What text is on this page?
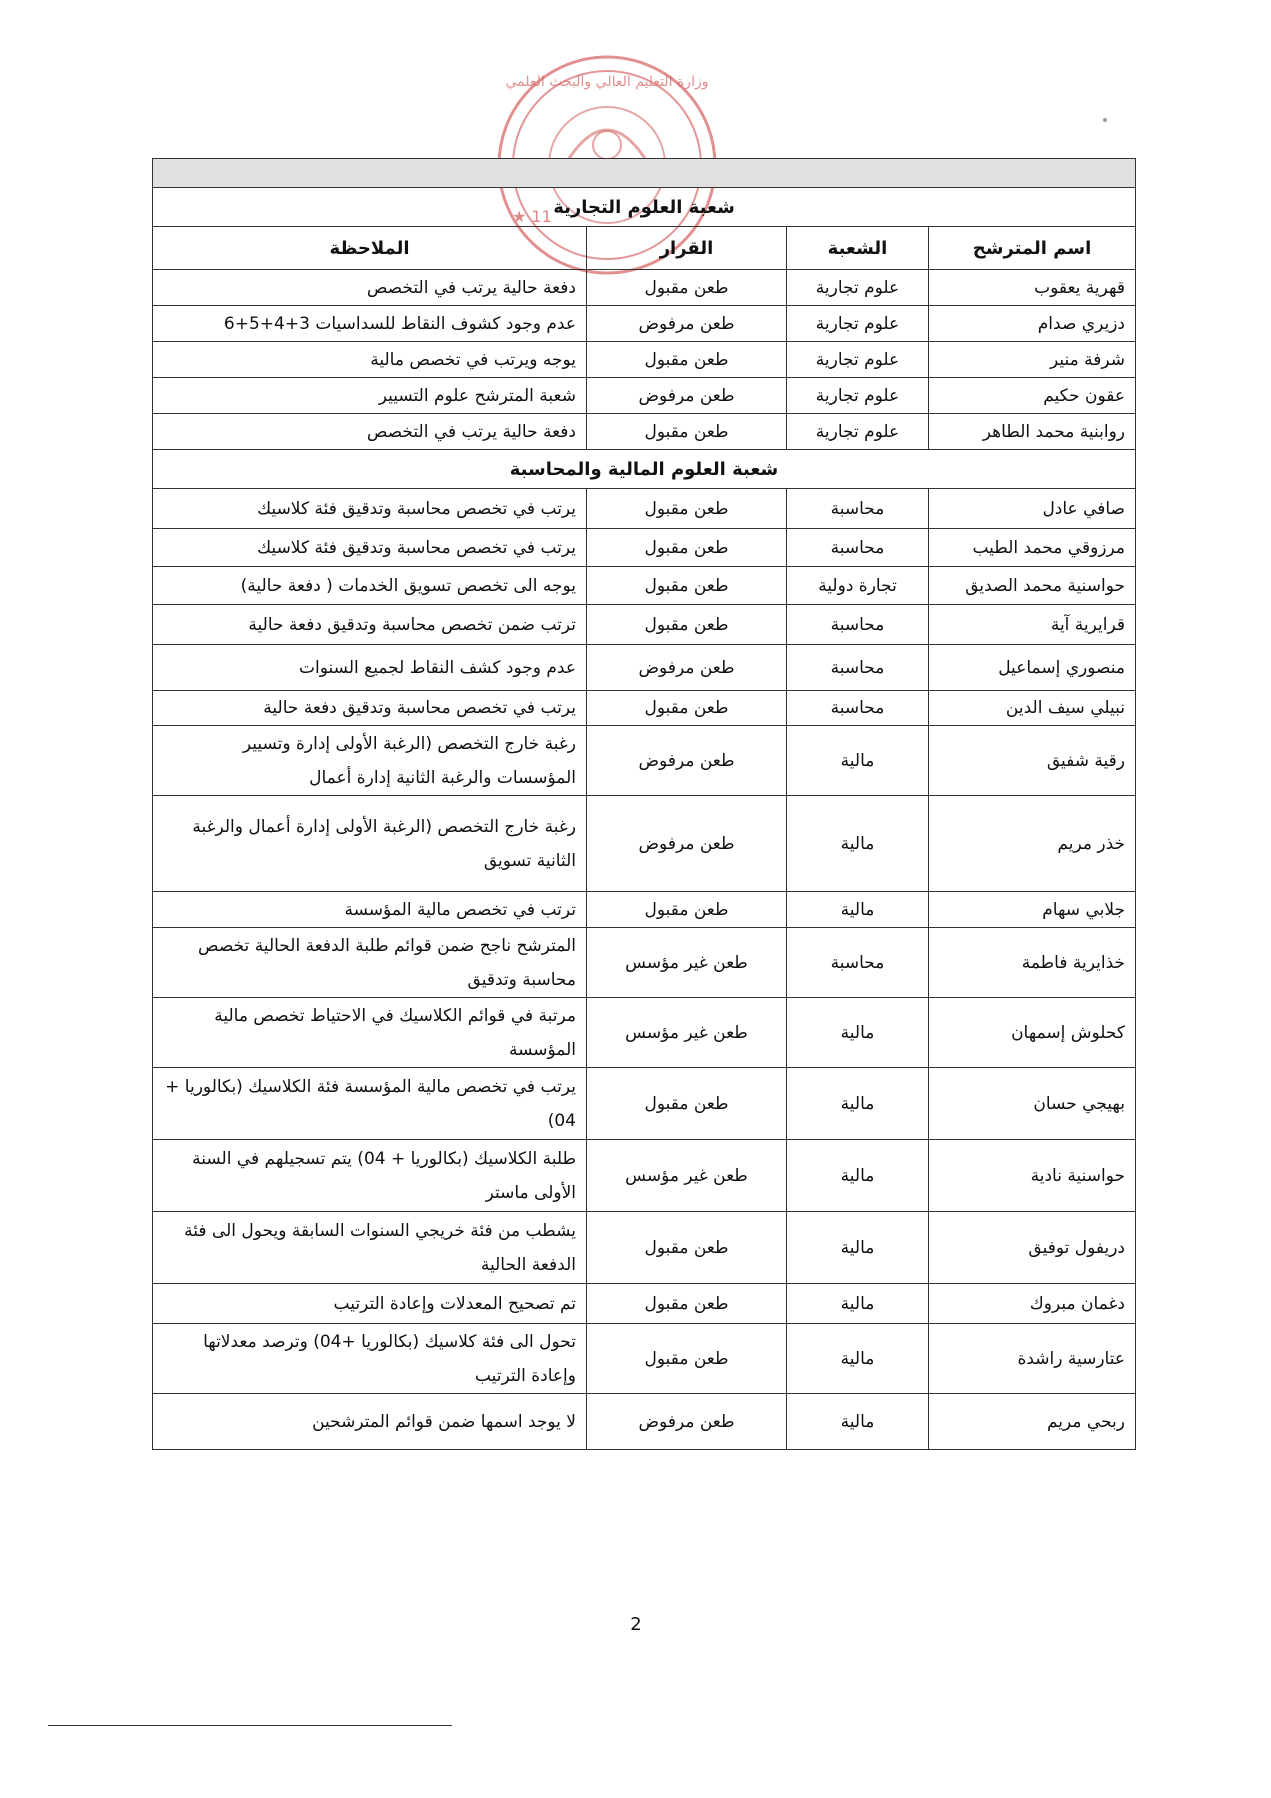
★ 11
وزارة التعليم العالي والبحث العلمي

شعبة العلوم التجارية			
اسم المترشح	الشعبة	القرار	الملاحظة
قهرية يعقوب	علوم تجارية	طعن مقبول	دفعة حالية يرتب في التخصص
دزيري صدام	علوم تجارية	طعن مرفوض	عدم وجود كشوف النقاط للسداسيات 3+4+5+6
شرفة منير	علوم تجارية	طعن مقبول	يوجه ويرتب في تخصص مالية
عقون حكيم	علوم تجارية	طعن مرفوض	شعبة المترشح علوم التسيير
روابنية محمد الطاهر	علوم تجارية	طعن مقبول	دفعة حالية يرتب في التخصص
شعبة العلوم المالية والمحاسبة			
صافي عادل	محاسبة	طعن مقبول	يرتب في تخصص محاسبة وتدقيق فئة كلاسيك
مرزوقي محمد الطيب	محاسبة	طعن مقبول	يرتب في تخصص محاسبة وتدقيق فئة كلاسيك
حواسنية محمد الصديق	تجارة دولية	طعن مقبول	يوجه الى تخصص تسويق الخدمات ( دفعة حالية)
قرايرية آية	محاسبة	طعن مقبول	ترتب ضمن تخصص محاسبة وتدقيق دفعة حالية
منصوري إسماعيل	محاسبة	طعن مرفوض	عدم وجود كشف النقاط لجميع السنوات
نبيلي سيف الدين	محاسبة	طعن مقبول	يرتب في تخصص محاسبة وتدقيق دفعة حالية
رقية شفيق	مالية	طعن مرفوض	رغبة خارج التخصص (الرغبة الأولى إدارة وتسيير المؤسسات والرغبة الثانية إدارة أعمال
خذر مريم	مالية	طعن مرفوض	رغبة خارج التخصص (الرغبة الأولى إدارة أعمال والرغبة الثانية تسويق
جلابي سهام	مالية	طعن مقبول	ترتب في تخصص مالية المؤسسة
خذايرية فاطمة	محاسبة	طعن غير مؤسس	المترشح ناجح ضمن قوائم طلبة الدفعة الحالية تخصص محاسبة وتدقيق
كحلوش إسمهان	مالية	طعن غير مؤسس	مرتبة في قوائم الكلاسيك في الاحتياط تخصص مالية المؤسسة
بهيجي حسان	مالية	طعن مقبول	يرتب في تخصص مالية المؤسسة فئة الكلاسيك (بكالوريا + 04)
حواسنية نادية	مالية	طعن غير مؤسس	طلبة الكلاسيك (بكالوريا + 04) يتم تسجيلهم في السنة الأولى ماستر
دريفول توفيق	مالية	طعن مقبول	يشطب من فئة خريجي السنوات السابقة ويحول الى فئة الدفعة الحالية
دغمان مبروك	مالية	طعن مقبول	تم تصحيح المعدلات وإعادة الترتيب
عتارسية راشدة	مالية	طعن مقبول	تحول الى فئة كلاسيك (بكالوريا +04) وترصد معدلاتها وإعادة الترتيب
ربحي مريم	مالية	طعن مرفوض	لا يوجد اسمها ضمن قوائم المترشحين
2
